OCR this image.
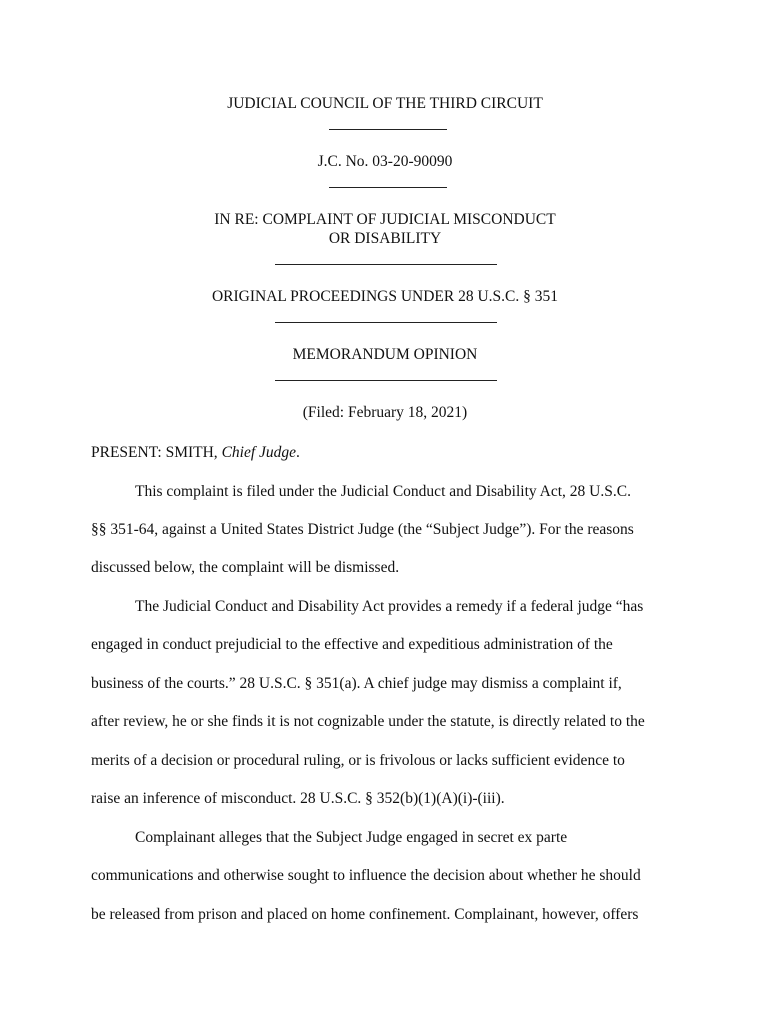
JUDICIAL COUNCIL OF THE THIRD CIRCUIT
J.C. No. 03-20-90090
IN RE: COMPLAINT OF JUDICIAL MISCONDUCT
OR DISABILITY
ORIGINAL PROCEEDINGS UNDER 28 U.S.C. § 351
MEMORANDUM OPINION
(Filed: February 18, 2021)
PRESENT: SMITH, Chief Judge.
This complaint is filed under the Judicial Conduct and Disability Act, 28 U.S.C.
§§ 351-64, against a United States District Judge (the “Subject Judge”). For the reasons
discussed below, the complaint will be dismissed.
The Judicial Conduct and Disability Act provides a remedy if a federal judge “has
engaged in conduct prejudicial to the effective and expeditious administration of the
business of the courts.” 28 U.S.C. § 351(a). A chief judge may dismiss a complaint if,
after review, he or she finds it is not cognizable under the statute, is directly related to the
merits of a decision or procedural ruling, or is frivolous or lacks sufficient evidence to
raise an inference of misconduct. 28 U.S.C. § 352(b)(1)(A)(i)-(iii).
Complainant alleges that the Subject Judge engaged in secret ex parte
communications and otherwise sought to influence the decision about whether he should
be released from prison and placed on home confinement. Complainant, however, offers
